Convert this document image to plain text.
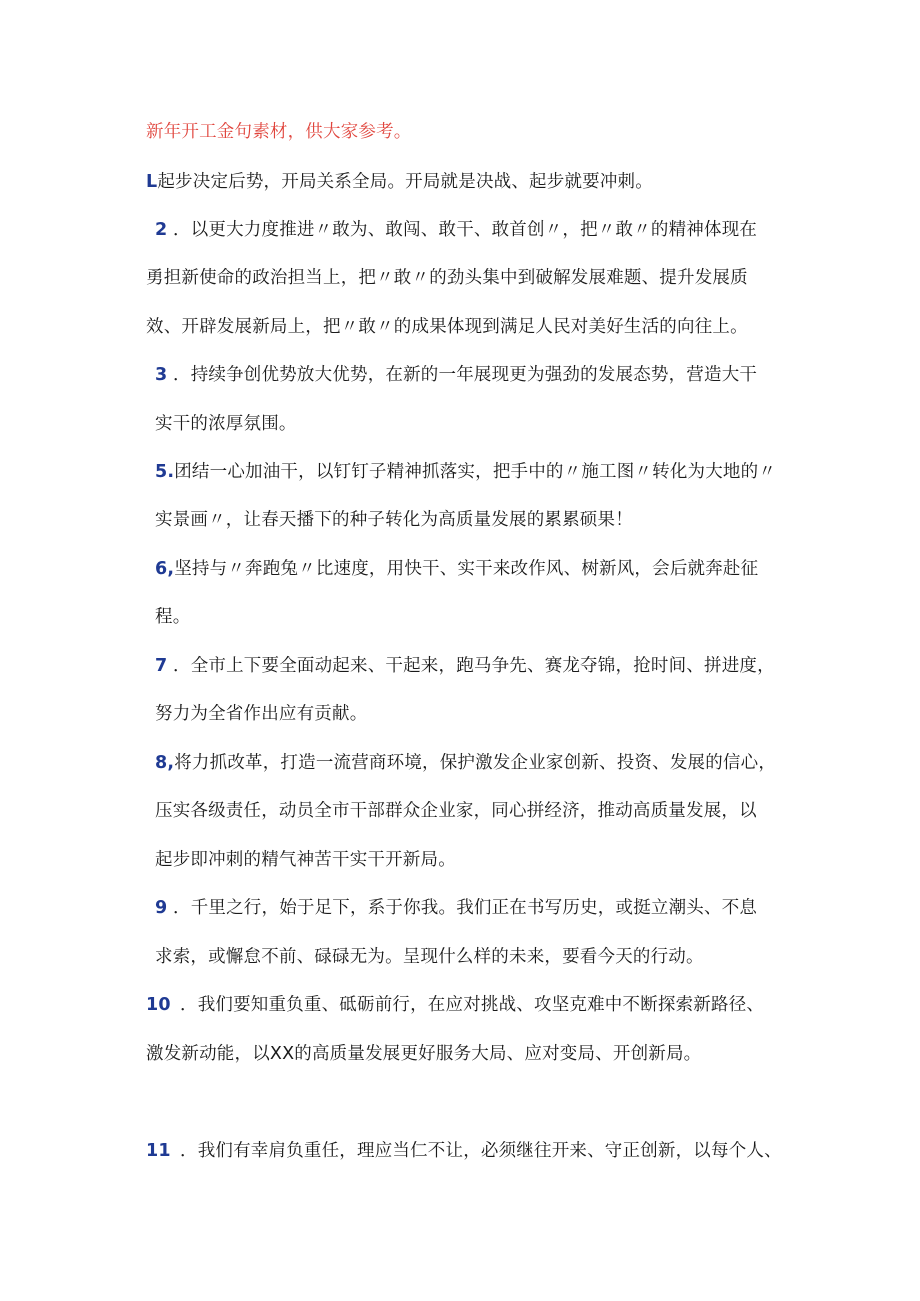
新年开工金句素材，供大家参考。
L起步决定后势，开局关系全局。开局就是决战、起步就要冲刺。
2 ．以更大力度推进〃敢为、敢闯、敢干、敢首创〃，把〃敢〃的精神体现在
勇担新使命的政治担当上，把〃敢〃的劲头集中到破解发展难题、提升发展质
效、开辟发展新局上，把〃敢〃的成果体现到满足人民对美好生活的向往上。
3 ．持续争创优势放大优势，在新的一年展现更为强劲的发展态势，营造大干
实干的浓厚氛围。
5.团结一心加油干，以钉钉子精神抓落实，把手中的〃施工图〃转化为大地的〃
实景画〃，让春天播下的种子转化为高质量发展的累累硕果！
6,坚持与〃奔跑兔〃比速度，用快干、实干来改作风、树新风，会后就奔赴征
程。
7 ．全市上下要全面动起来、干起来，跑马争先、赛龙夺锦，抢时间、拼进度，
努力为全省作出应有贡献。
8,将力抓改革，打造一流营商环境，保护激发企业家创新、投资、发展的信心，
压实各级责任，动员全市干部群众企业家，同心拼经济，推动高质量发展，以
起步即冲刺的精气神苦干实干开新局。
9 ．千里之行，始于足下，系于你我。我们正在书写历史，或挺立潮头、不息
求索，或懈怠不前、碌碌无为。呈现什么样的未来，要看今天的行动。
10 ．我们要知重负重、砥砺前行，在应对挑战、攻坚克难中不断探索新路径、
激发新动能，以XX的高质量发展更好服务大局、应对变局、开创新局。
11 ．我们有幸肩负重任，理应当仁不让，必须继往开来、守正创新，以每个人、
